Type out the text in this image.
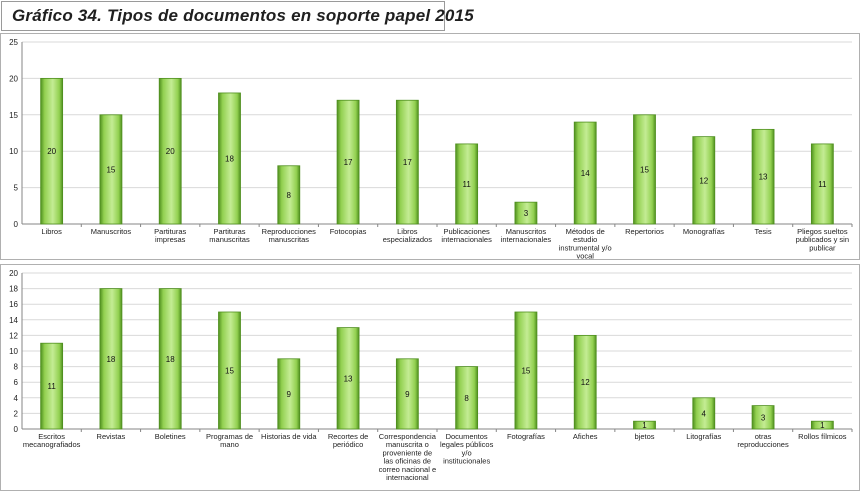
Gráfico 34. Tipos de documentos en soporte papel 2015
0
5
10
15
20
25
20
Libros
15
Manuscritos
20
Partituras impresas
18
Partituras manuscritas
8
Reproducciones manuscritas
17
Fotocopias
17
Libros especializados
11
Publicaciones internacionales
3
Manuscritos internacionales
14
Métodos de estudio instrumental y/o vocal
15
Repertorios
12
Monografías
13
Tesis
11
Pliegos sueltos publicados y sin publicar
0
2
4
6
8
10
12
14
16
18
20
11
Escritos mecanografiados
18
Revistas
18
Boletines
15
Programas de mano
9
Historias de vida
13
Recortes de periódico
9
Correspondencia manuscrita o proveniente de las oficinas de correo nacional e internacional
8
Documentos legales públicos y/o institucionales
15
Fotografías
12
Afiches
1
bjetos
4
Litografías
3
otras reproducciones
1
Rollos fílmicos
